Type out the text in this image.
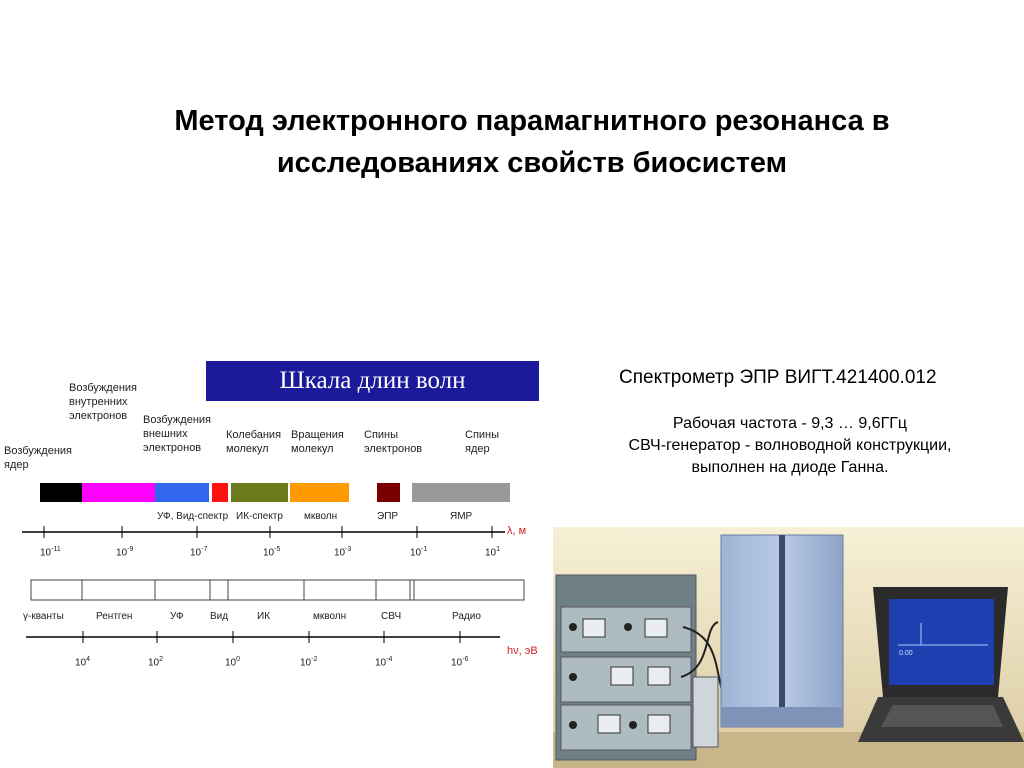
Метод электронного парамагнитного резонанса в
исследованиях свойств биосистем
Шкала длин волн
Возбуждения
ядер
Возбуждения
внутренних
электронов	Возбуждения
внешних
электронов
Колебания
молекул
Вращения
молекул
Спины
электронов
Спины
ядер
УФ, Вид-спектр ИК-спектр мкволн	ЭПР	ЯМР
λ, м
$10^{-11}$	$10^{-9}$	$10^{-7}$	$10^{-5}$	$10^{-3}$	$10^{-1}$	$10^1$
γ-кванты	Рентген	УФ	Вид	ИК	мкволн	СВЧ	Радио
hν, эВ
$10^4$	$10^2$	$10^0$	$10^{-2}$	$10^{-4}$	$10^{-6}$
Спектрометр ЭПР ВИГТ.421400.012
Рабочая частота - 9,3 … 9,6ГГц
СВЧ-генератор - волноводной конструкции,
выполнен на диоде Ганна.
0.00
